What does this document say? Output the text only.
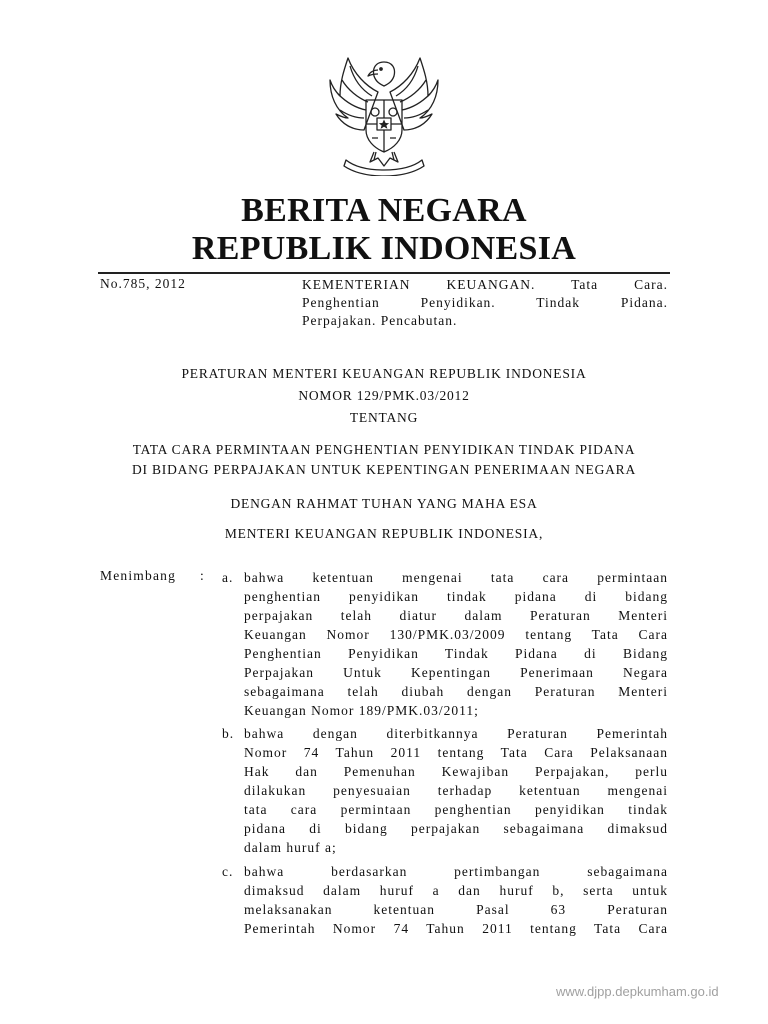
BERITA NEGARA
REPUBLIK INDONESIA
No.785, 2012	KEMENTERIAN KEUANGAN. Tata Cara.
Penghentian Penyidikan. Tindak Pidana.
Perpajakan. Pencabutan.
PERATURAN MENTERI KEUANGAN REPUBLIK INDONESIA
NOMOR 129/PMK.03/2012
TENTANG
TATA CARA PERMINTAAN PENGHENTIAN PENYIDIKAN TINDAK PIDANA
DI BIDANG PERPAJAKAN UNTUK KEPENTINGAN PENERIMAAN NEGARA
DENGAN RAHMAT TUHAN YANG MAHA ESA
MENTERI KEUANGAN REPUBLIK INDONESIA,
Menimbang : a. bahwa ketentuan mengenai tata cara permintaan
penghentian penyidikan tindak pidana di bidang
perpajakan telah diatur dalam Peraturan Menteri
Keuangan Nomor 130/PMK.03/2009 tentang Tata Cara
Penghentian Penyidikan Tindak Pidana di Bidang
Perpajakan Untuk Kepentingan Penerimaan Negara
sebagaimana telah diubah dengan Peraturan Menteri
Keuangan Nomor 189/PMK.03/2011;
b. bahwa dengan diterbitkannya Peraturan Pemerintah
Nomor 74 Tahun 2011 tentang Tata Cara Pelaksanaan
Hak dan Pemenuhan Kewajiban Perpajakan, perlu
dilakukan penyesuaian terhadap ketentuan mengenai
tata cara permintaan penghentian penyidikan tindak
pidana di bidang perpajakan sebagaimana dimaksud
dalam huruf a;
c. bahwa berdasarkan pertimbangan sebagaimana
dimaksud dalam huruf a dan huruf b, serta untuk
melaksanakan ketentuan Pasal 63 Peraturan
Pemerintah Nomor 74 Tahun 2011 tentang Tata Cara
www.djpp.depkumham.go.id
